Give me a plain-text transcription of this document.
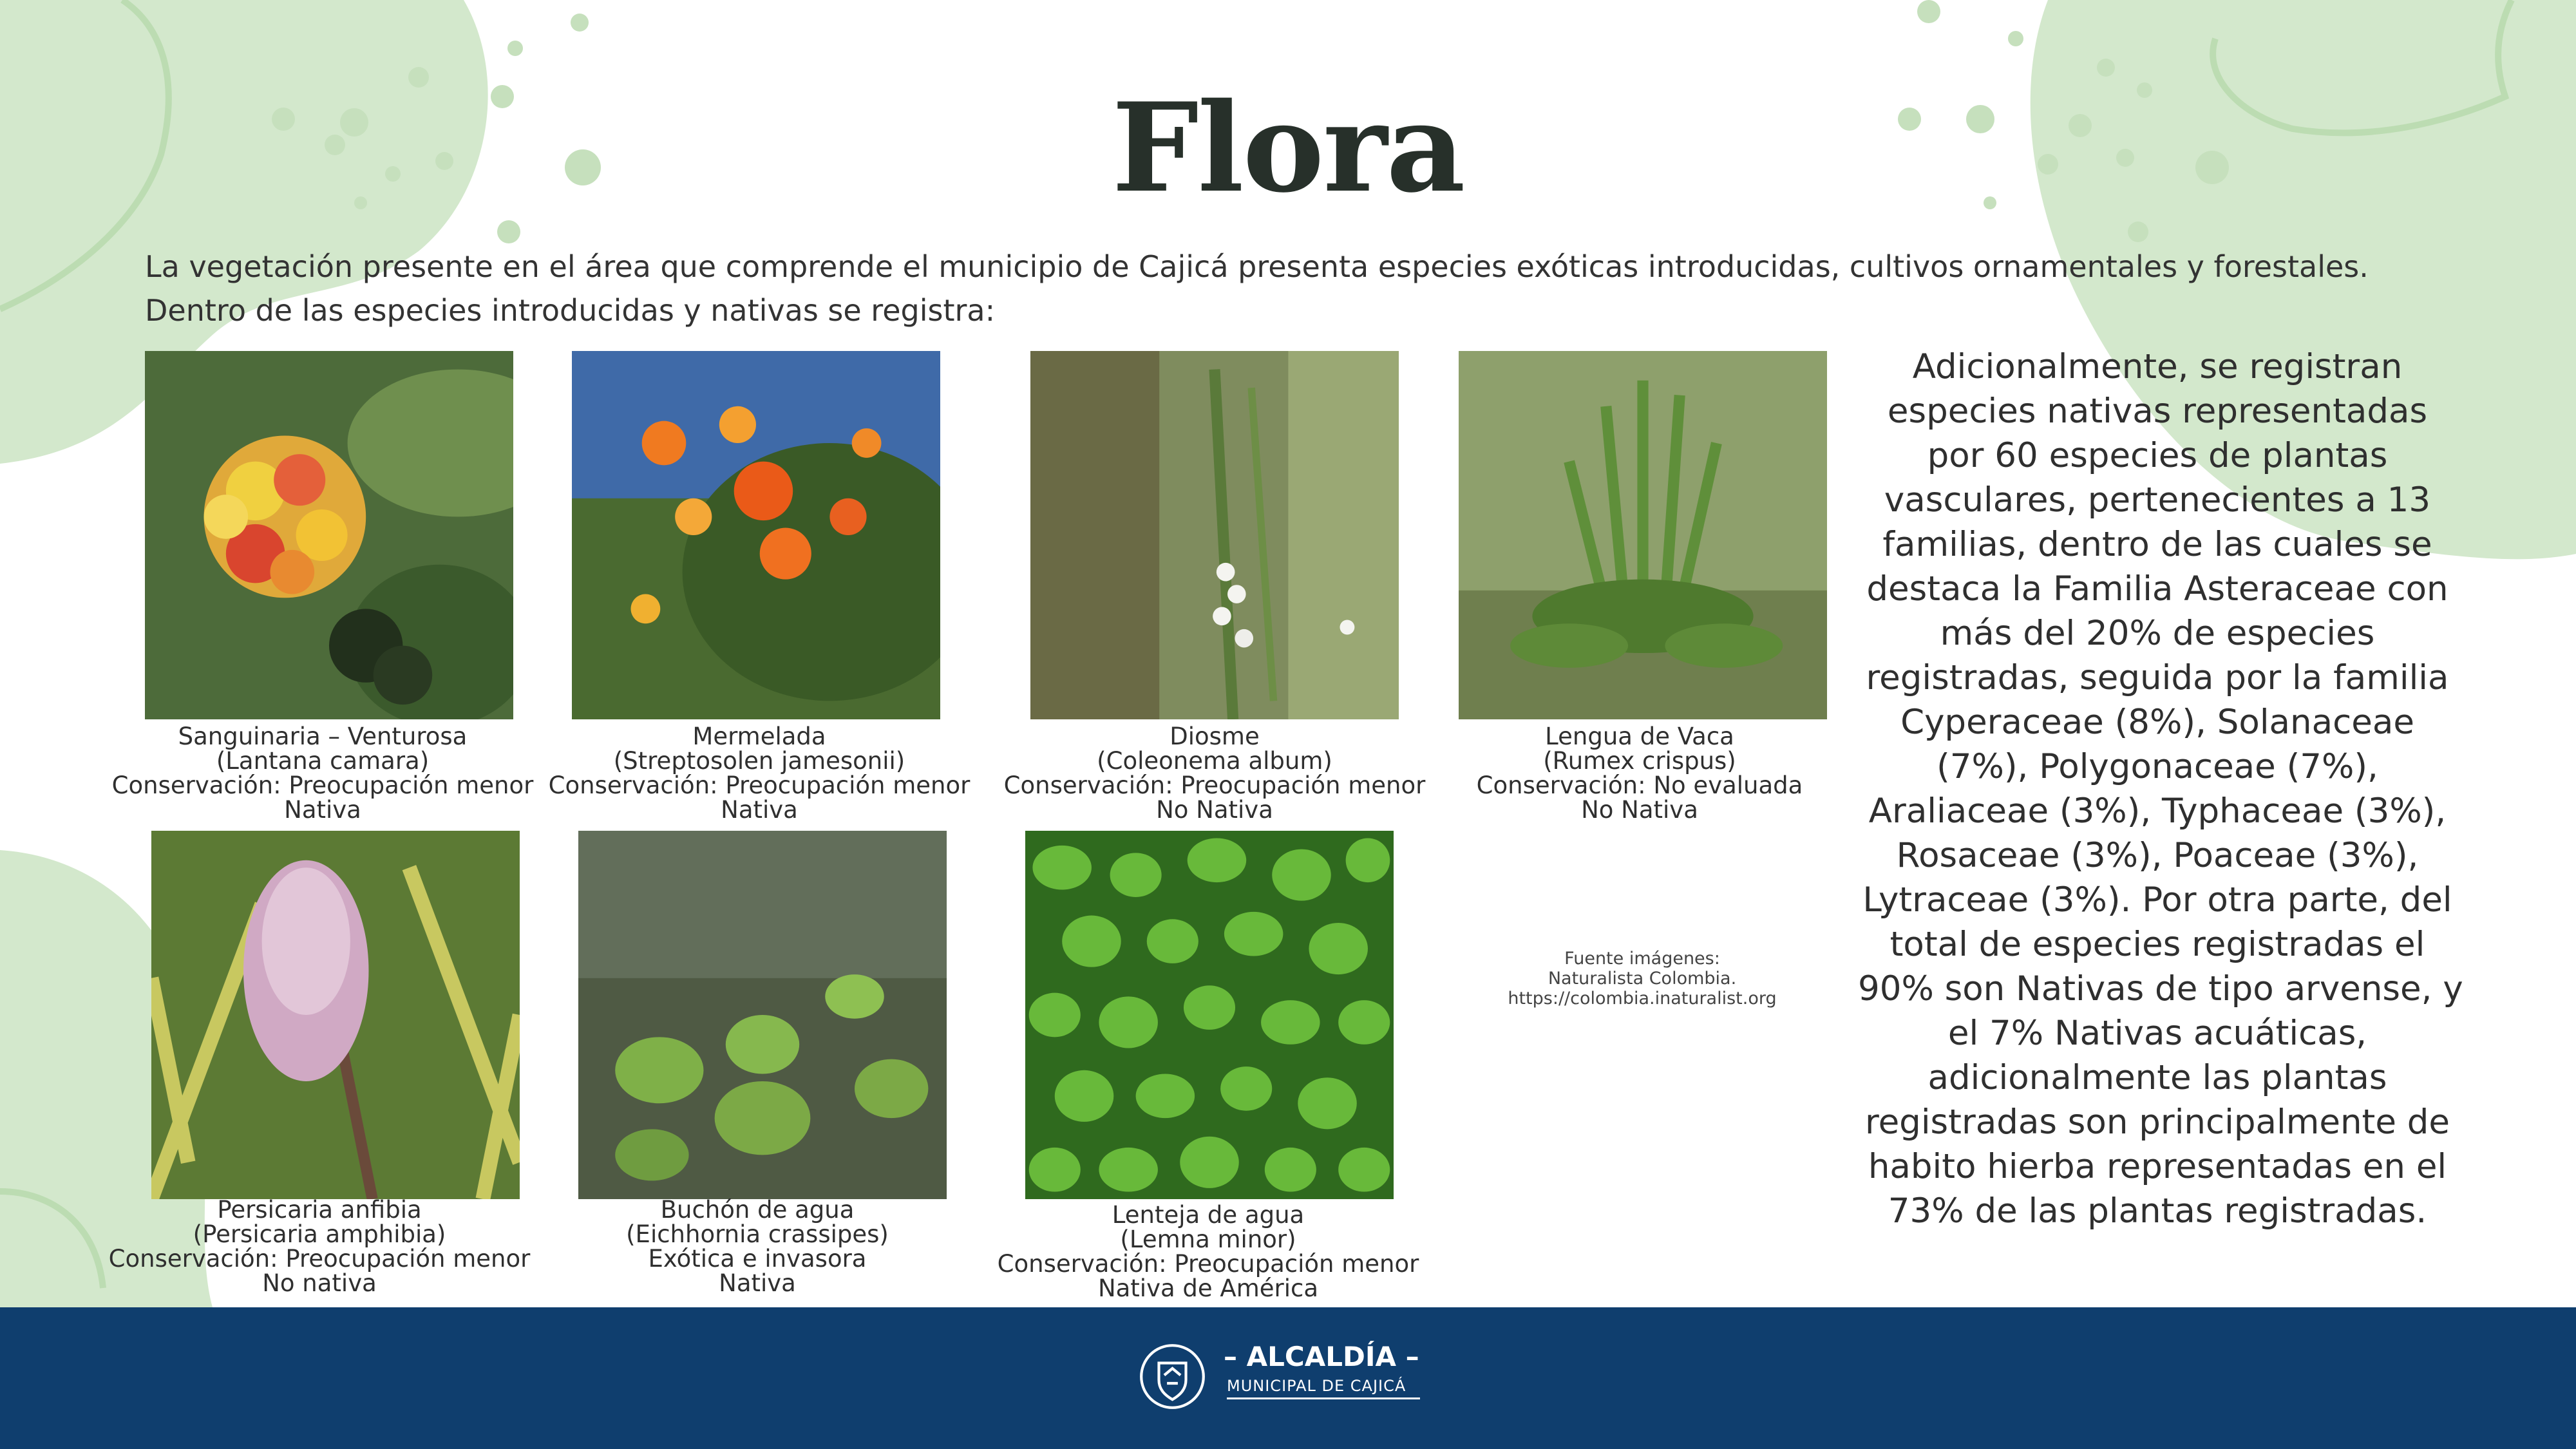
Flora
La vegetación presente en el área que comprende el municipio de Cajicá presenta especies exóticas introducidas, cultivos ornamentales y forestales.
Dentro de las especies introducidas y nativas se registra:
Sanguinaria – Venturosa
(Lantana camara)
Conservación: Preocupación menor
Nativa
Mermelada
(Streptosolen jamesonii)
Conservación: Preocupación menor
Nativa
Diosme
(Coleonema album)
Conservación: Preocupación menor
No Nativa
Lengua de Vaca
(Rumex crispus)
Conservación: No evaluada
No Nativa
Persicaria anfibia
(Persicaria amphibia)
Conservación: Preocupación menor
No nativa
Buchón de agua
(Eichhornia crassipes)
Exótica e invasora
Nativa
Lenteja de agua
(Lemna minor)
Conservación: Preocupación menor
Nativa de América
Fuente imágenes:
Naturalista Colombia.
https://colombia.inaturalist.org
Adicionalmente, se registran
especies nativas representadas
por 60 especies de plantas
vasculares, pertenecientes a 13
familias, dentro de las cuales se
destaca la Familia Asteraceae con
más del 20% de especies
registradas, seguida por la familia
Cyperaceae (8%), Solanaceae
(7%), Polygonaceae (7%),
Araliaceae (3%), Typhaceae (3%),
Rosaceae (3%), Poaceae (3%),
Lytraceae (3%). Por otra parte, del
total de especies registradas el
90% son Nativas de tipo arvense, y
el 7% Nativas acuáticas,
adicionalmente las plantas
registradas son principalmente de
habito hierba representadas en el
73% de las plantas registradas.
– ALCALDÍA –
MUNICIPAL DE CAJICÁ
